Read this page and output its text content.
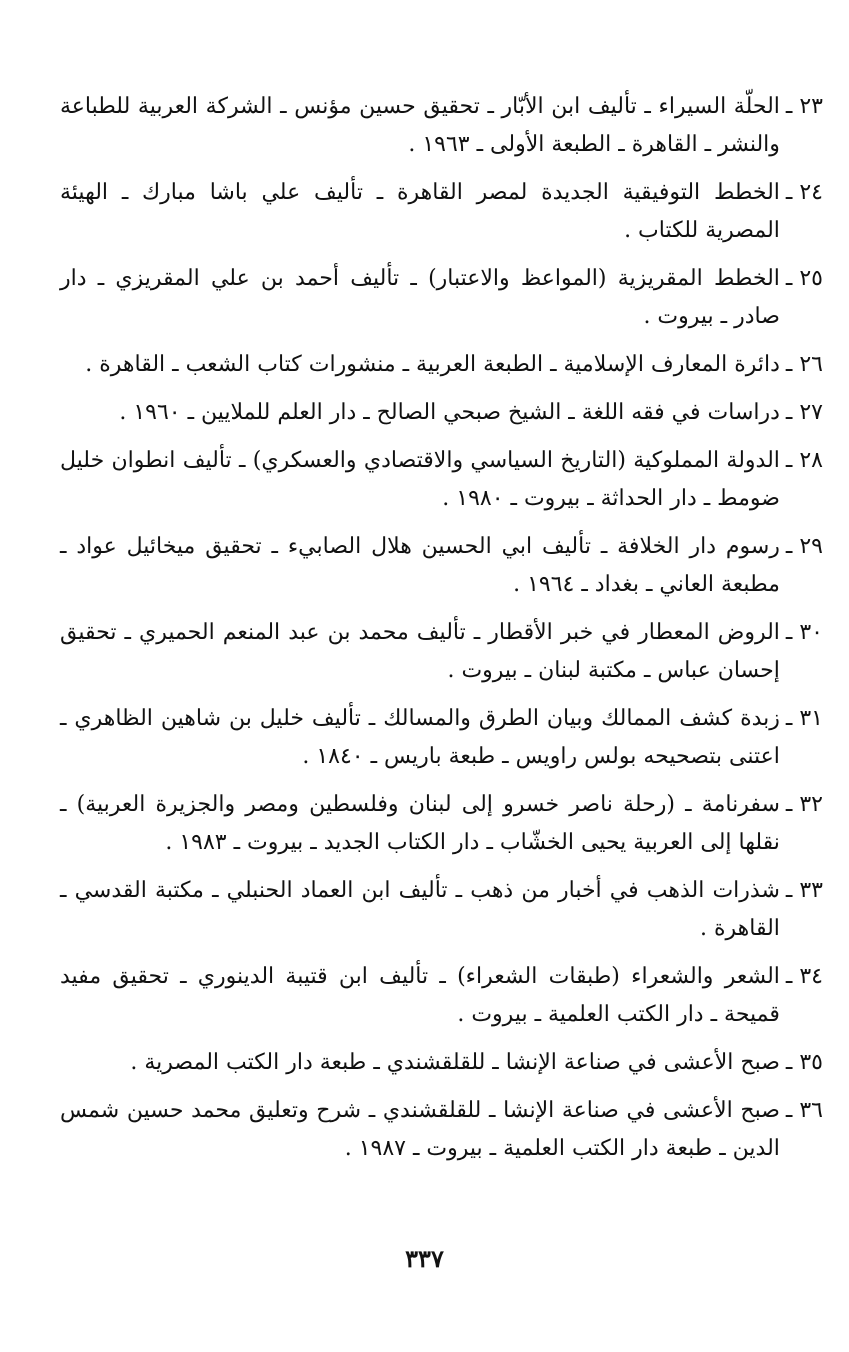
٢٣ ـ
الحلّة السيراء ـ تأليف ابن الأبّار ـ تحقيق حسين مؤنس ـ الشركة العربية للطباعة والنشر ـ القاهرة ـ الطبعة الأولى ـ ١٩٦٣ .
٢٤ ـ
الخطط التوفيقية الجديدة لمصر القاهرة ـ تأليف علي باشا مبارك ـ الهيئة المصرية للكتاب .
٢٥ ـ
الخطط المقريزية (المواعظ والاعتبار) ـ تأليف أحمد بن علي المقريزي ـ دار صادر ـ بيروت .
٢٦ ـ
دائرة المعارف الإسلامية ـ الطبعة العربية ـ منشورات كتاب الشعب ـ القاهرة .
٢٧ ـ
دراسات في فقه اللغة ـ الشيخ صبحي الصالح ـ دار العلم للملايين ـ ١٩٦٠ .
٢٨ ـ
الدولة المملوكية (التاريخ السياسي والاقتصادي والعسكري) ـ تأليف انطوان خليل ضومط ـ دار الحداثة ـ بيروت ـ ١٩٨٠ .
٢٩ ـ
رسوم دار الخلافة ـ تأليف ابي الحسين هلال الصابيء ـ تحقيق ميخائيل عواد ـ مطبعة العاني ـ بغداد ـ ١٩٦٤ .
٣٠ ـ
الروض المعطار في خبر الأقطار ـ تأليف محمد بن عبد المنعم الحميري ـ تحقيق إحسان عباس ـ مكتبة لبنان ـ بيروت .
٣١ ـ
زبدة كشف الممالك وبيان الطرق والمسالك ـ تأليف خليل بن شاهين الظاهري ـ اعتنى بتصحيحه بولس راويس ـ طبعة باريس ـ ١٨٤٠ .
٣٢ ـ
سفرنامة ـ (رحلة ناصر خسرو إلى لبنان وفلسطين ومصر والجزيرة العربية) ـ نقلها إلى العربية يحيى الخشّاب ـ دار الكتاب الجديد ـ بيروت ـ ١٩٨٣ .
٣٣ ـ
شذرات الذهب في أخبار من ذهب ـ تأليف ابن العماد الحنبلي ـ مكتبة القدسي ـ القاهرة .
٣٤ ـ
الشعر والشعراء (طبقات الشعراء) ـ تأليف ابن قتيبة الدينوري ـ تحقيق مفيد قميحة ـ دار الكتب العلمية ـ بيروت .
٣٥ ـ
صبح الأعشى في صناعة الإنشا ـ للقلقشندي ـ طبعة دار الكتب المصرية .
٣٦ ـ
صبح الأعشى في صناعة الإنشا ـ للقلقشندي ـ شرح وتعليق محمد حسين شمس الدين ـ طبعة دار الكتب العلمية ـ بيروت ـ ١٩٨٧ .
٣٣٧
